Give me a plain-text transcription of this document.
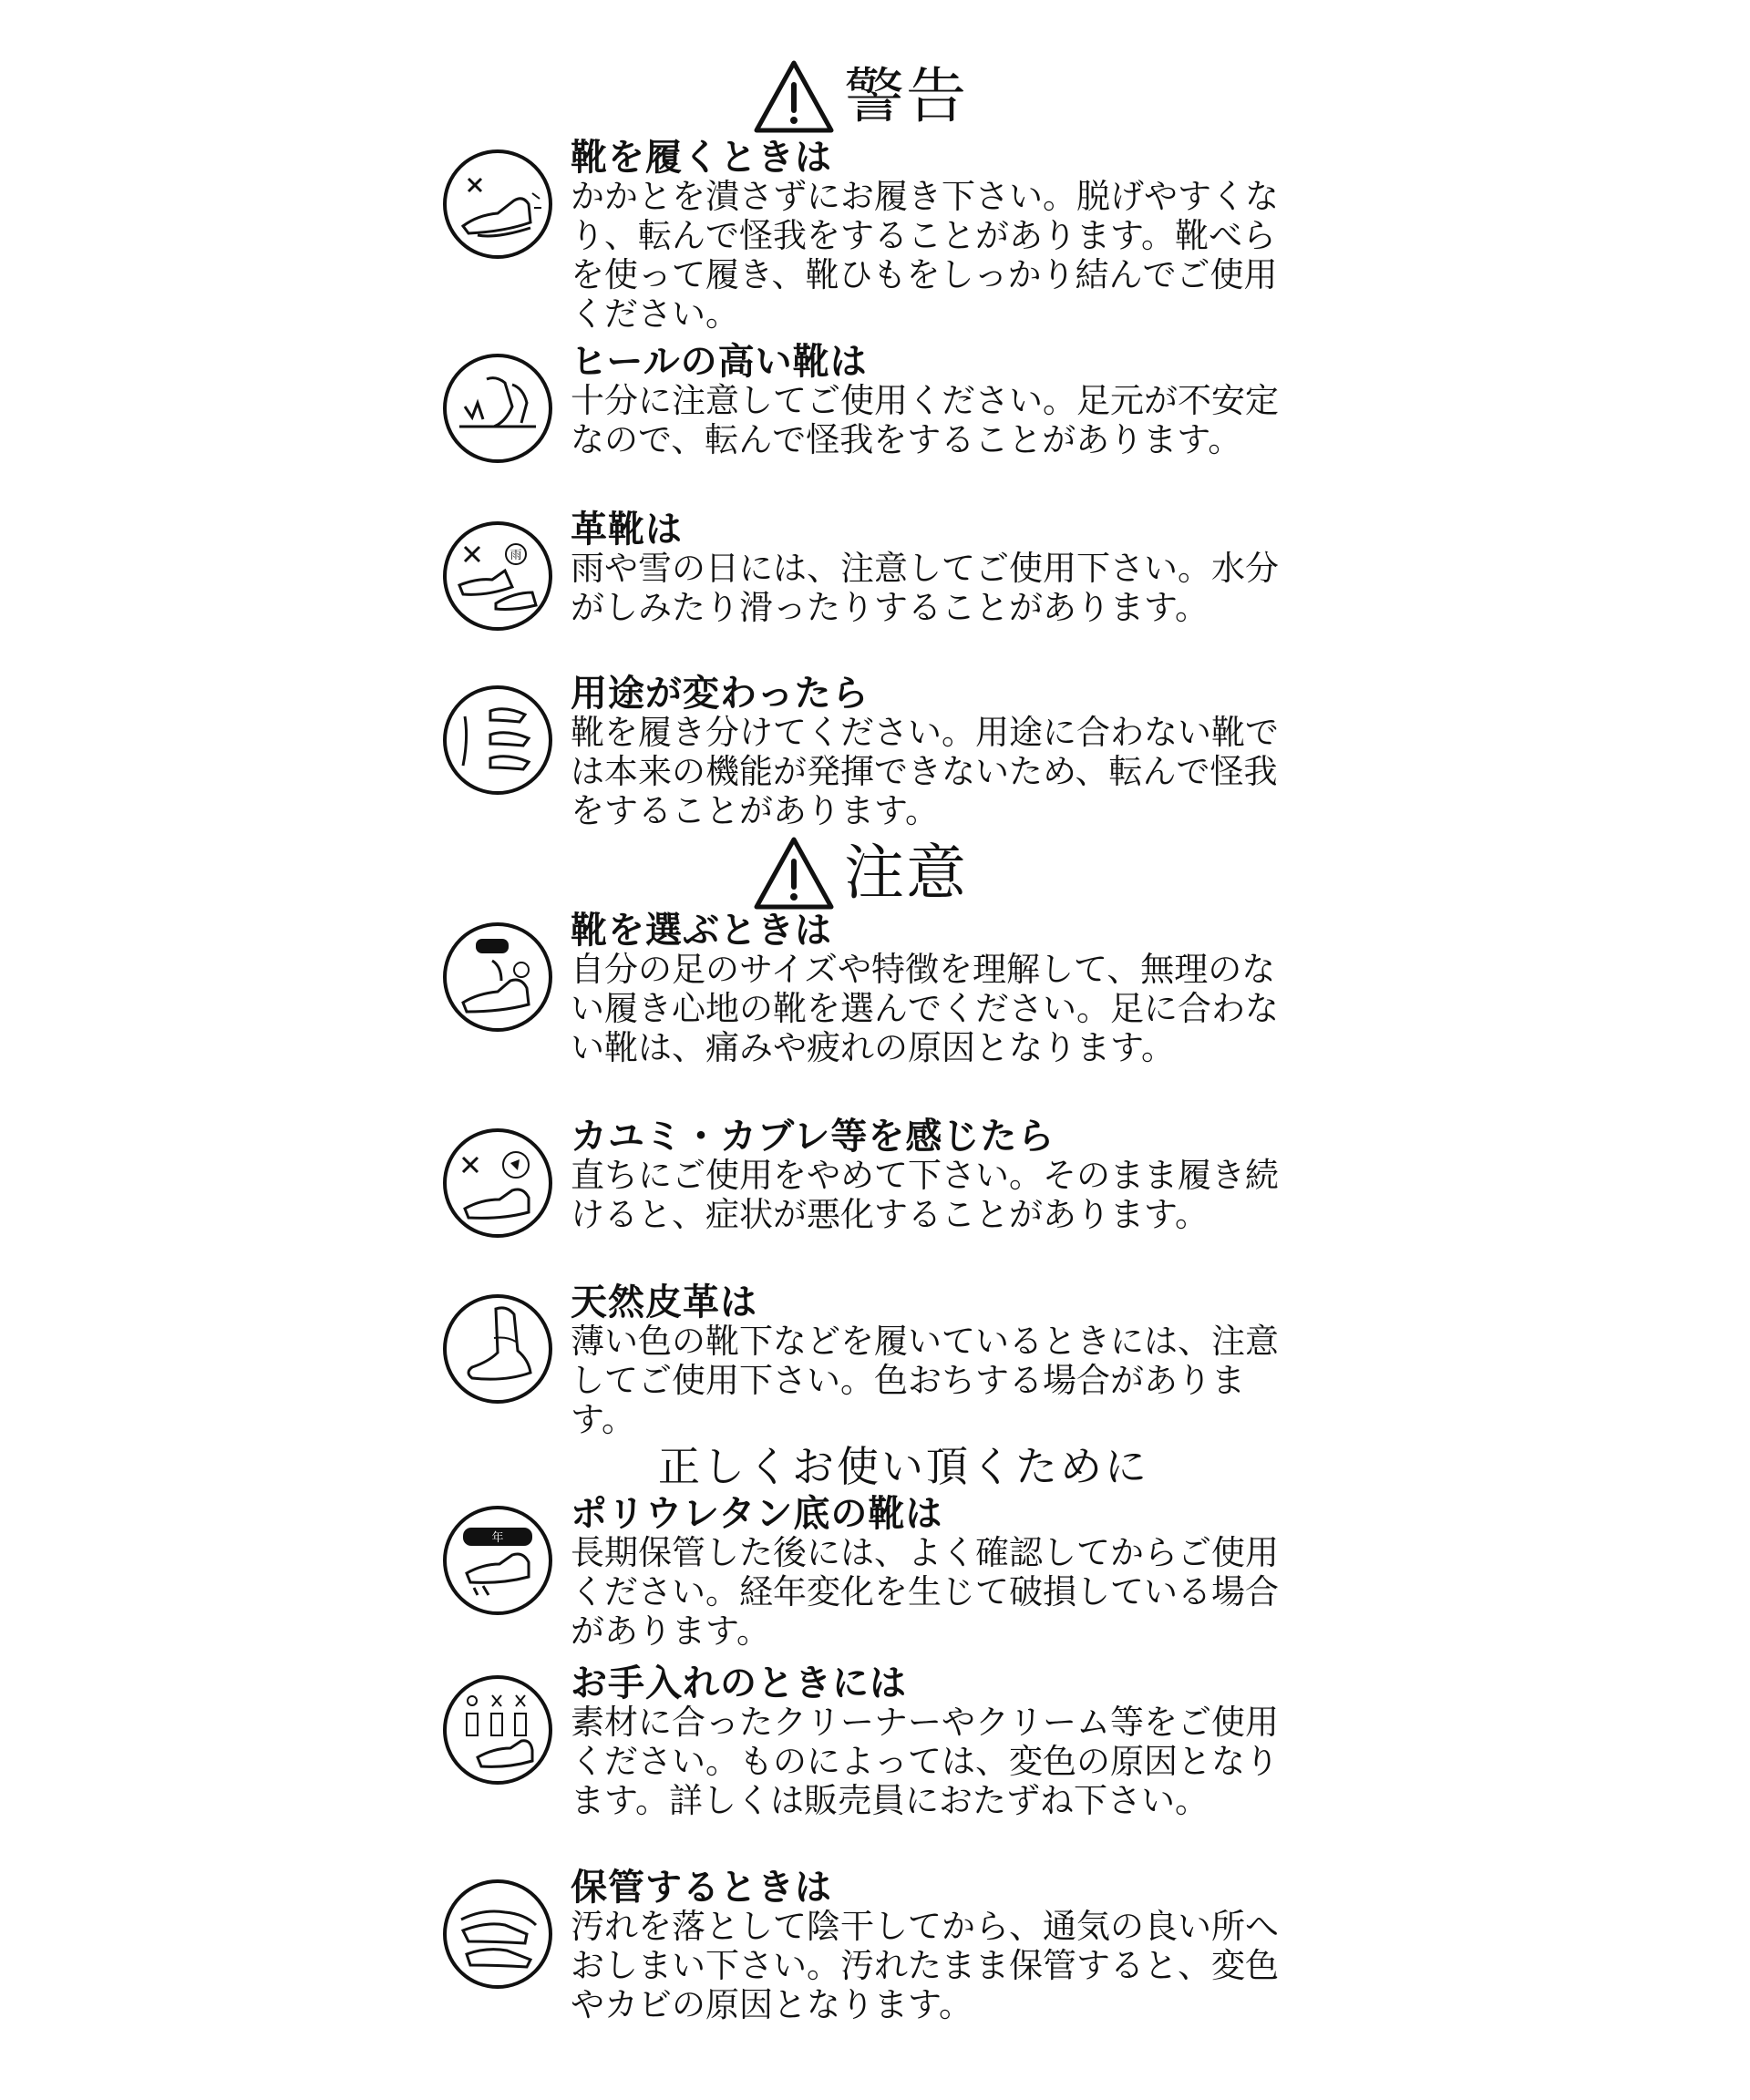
警告

靴を履くときは

かかとを潰さずにお履き下さい。脱げやすくなり、転んで怪我をすることがあります。靴べらを使って履き、靴ひもをしっかり結んでご使用ください。

ヒールの高い靴は

十分に注意してご使用ください。足元が不安定なので、転んで怪我をすることがあります。

雨

革靴は

雨や雪の日には、注意してご使用下さい。水分がしみたり滑ったりすることがあります。

用途が変わったら

靴を履き分けてください。用途に合わない靴では本来の機能が発揮できないため、転んで怪我をすることがあります。

注意

靴を選ぶときは

自分の足のサイズや特徴を理解して、無理のない履き心地の靴を選んでください。足に合わない靴は、痛みや疲れの原因となります。

カユミ・カブレ等を感じたら

直ちにご使用をやめて下さい。そのまま履き続けると、症状が悪化することがあります。

天然皮革は

薄い色の靴下などを履いているときには、注意してご使用下さい。色おちする場合があります。

正しくお使い頂くために
年

ポリウレタン底の靴は

長期保管した後には、よく確認してからご使用ください。経年変化を生じて破損している場合があります。

お手入れのときには

素材に合ったクリーナーやクリーム等をご使用ください。ものによっては、変色の原因となります。詳しくは販売員におたずね下さい。

保管するときは

汚れを落として陰干してから、通気の良い所へおしまい下さい。汚れたまま保管すると、変色やカビの原因となります。
